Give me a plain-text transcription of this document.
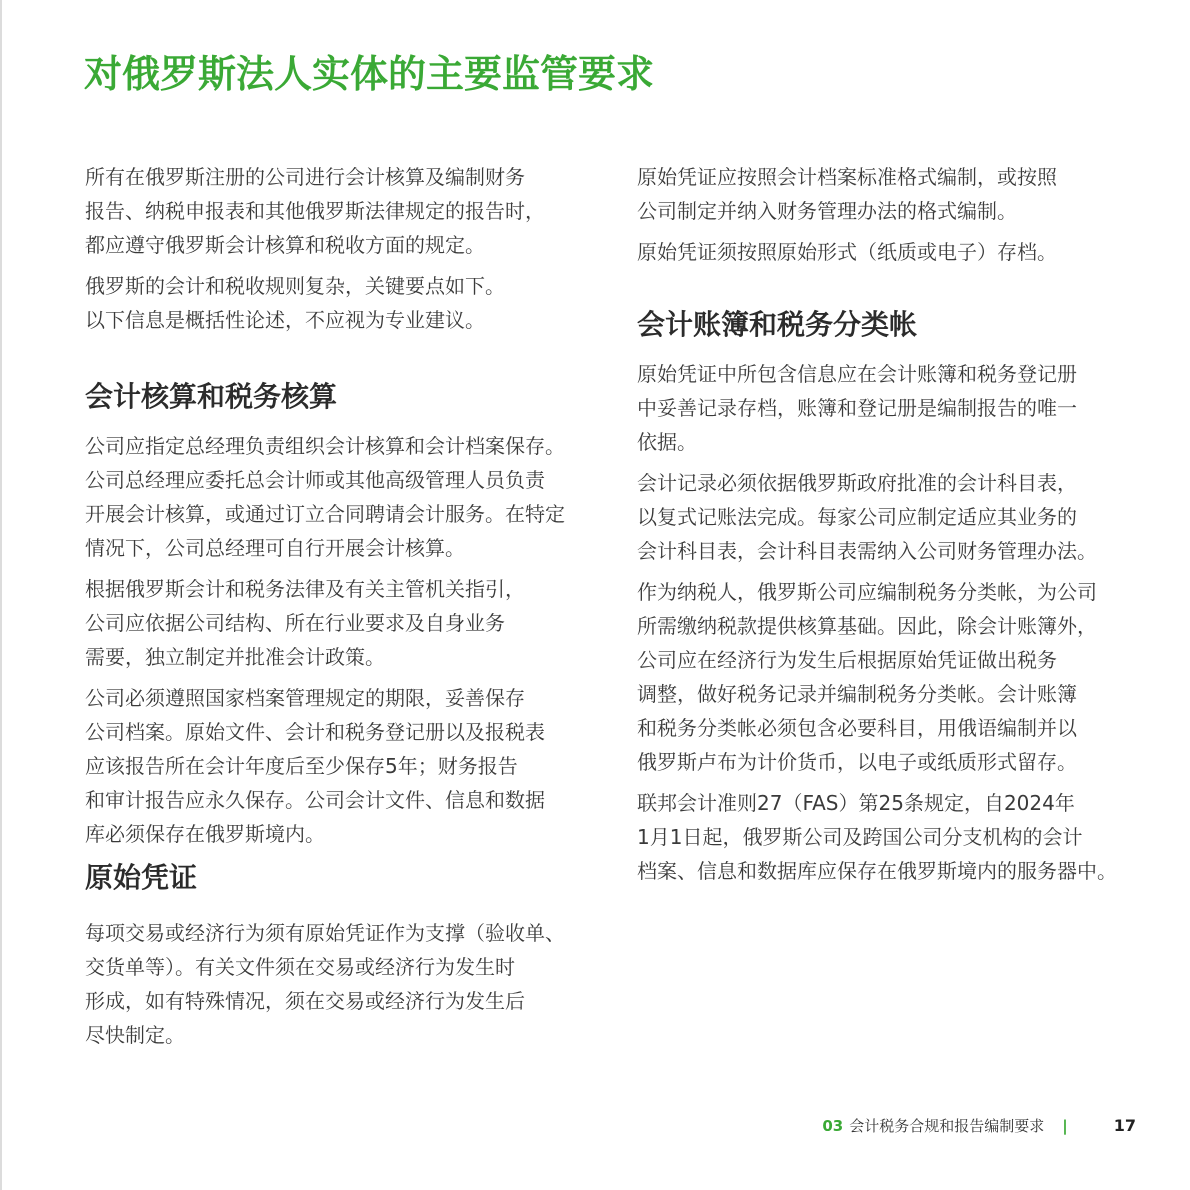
对俄罗斯法人实体的主要监管要求

所有在俄罗斯注册的公司进行会计核算及编制财务
报告、纳税申报表和其他俄罗斯法律规定的报告时，
都应遵守俄罗斯会计核算和税收方面的规定。

俄罗斯的会计和税收规则复杂，关键要点如下。
以下信息是概括性论述，不应视为专业建议。

会计核算和税务核算

公司应指定总经理负责组织会计核算和会计档案保存。
公司总经理应委托总会计师或其他高级管理人员负责
开展会计核算，或通过订立合同聘请会计服务。在特定
情况下，公司总经理可自行开展会计核算。

根据俄罗斯会计和税务法律及有关主管机关指引，
公司应依据公司结构、所在行业要求及自身业务
需要，独立制定并批准会计政策。

公司必须遵照国家档案管理规定的期限，妥善保存
公司档案。原始文件、会计和税务登记册以及报税表
应该报告所在会计年度后至少保存5年；财务报告
和审计报告应永久保存。公司会计文件、信息和数据
库必须保存在俄罗斯境内。

原始凭证

每项交易或经济行为须有原始凭证作为支撑（验收单、
交货单等）。有关文件须在交易或经济行为发生时
形成，如有特殊情况，须在交易或经济行为发生后
尽快制定。

原始凭证应按照会计档案标准格式编制，或按照
公司制定并纳入财务管理办法的格式编制。

原始凭证须按照原始形式（纸质或电子）存档。

会计账簿和税务分类帐

原始凭证中所包含信息应在会计账簿和税务登记册
中妥善记录存档，账簿和登记册是编制报告的唯一
依据。

会计记录必须依据俄罗斯政府批准的会计科目表，
以复式记账法完成。每家公司应制定适应其业务的
会计科目表，会计科目表需纳入公司财务管理办法。

作为纳税人，俄罗斯公司应编制税务分类帐，为公司
所需缴纳税款提供核算基础。因此，除会计账簿外，
公司应在经济行为发生后根据原始凭证做出税务
调整，做好税务记录并编制税务分类帐。会计账簿
和税务分类帐必须包含必要科目，用俄语编制并以
俄罗斯卢布为计价货币，以电子或纸质形式留存。

联邦会计准则27（FAS）第25条规定，自2024年
1月1日起，俄罗斯公司及跨国公司分支机构的会计
档案、信息和数据库应保存在俄罗斯境内的服务器中。

03 会计税务合规和报告编制要求 |	17
